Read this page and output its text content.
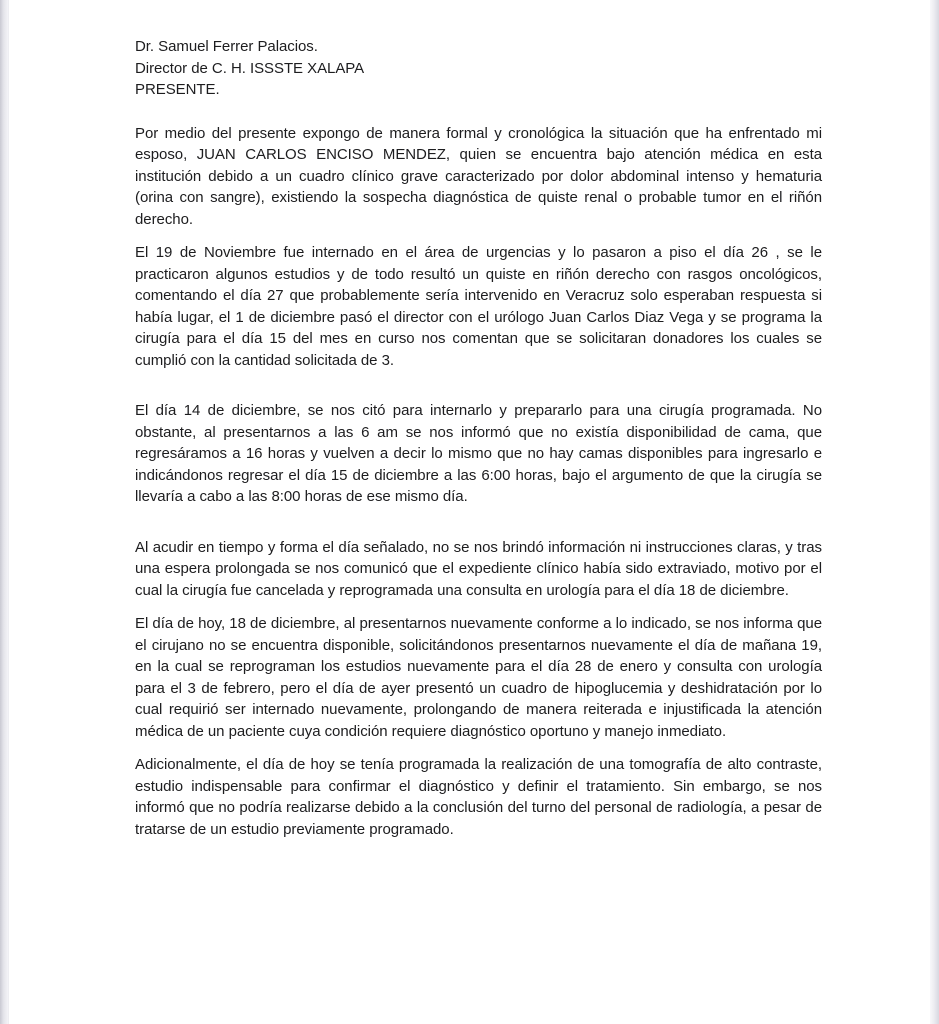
Dr. Samuel Ferrer Palacios.
Director de C. H. ISSSTE XALAPA
PRESENTE.

Por medio del presente expongo de manera formal y cronológica la situación que ha enfrentado mi esposo, JUAN CARLOS ENCISO MENDEZ, quien se encuentra bajo atención médica en esta institución debido a un cuadro clínico grave caracterizado por dolor abdominal intenso y hematuria (orina con sangre), existiendo la sospecha diagnóstica de quiste renal o probable tumor en el riñón derecho.

El 19 de Noviembre fue internado en el área de urgencias y lo pasaron a piso el día 26 , se le practicaron algunos estudios y de todo resultó un quiste en riñón derecho con rasgos oncológicos, comentando el día 27 que probablemente sería intervenido en Veracruz solo esperaban respuesta si había lugar, el 1 de diciembre pasó el director con el urólogo Juan Carlos Diaz Vega y se programa la cirugía para el día 15 del mes en curso nos comentan que se solicitaran donadores los cuales se cumplió con la cantidad solicitada de 3.

El día 14 de diciembre, se nos citó para internarlo y prepararlo para una cirugía programada. No obstante, al presentarnos a las 6 am se nos informó que no existía disponibilidad de cama, que regresáramos a 16 horas y vuelven a decir lo mismo que no hay camas disponibles para ingresarlo e indicándonos regresar el día 15 de diciembre a las 6:00 horas, bajo el argumento de que la cirugía se llevaría a cabo a las 8:00 horas de ese mismo día.

Al acudir en tiempo y forma el día señalado, no se nos brindó información ni instrucciones claras, y tras una espera prolongada se nos comunicó que el expediente clínico había sido extraviado, motivo por el cual la cirugía fue cancelada y reprogramada una consulta en urología para el día 18 de diciembre.

El día de hoy, 18 de diciembre, al presentarnos nuevamente conforme a lo indicado, se nos informa que el cirujano no se encuentra disponible, solicitándonos presentarnos nuevamente el día de mañana 19, en la cual se reprograman los estudios nuevamente para el día 28 de enero y consulta con urología para el 3 de febrero, pero el día de ayer presentó un cuadro de hipoglucemia y deshidratación por lo cual requirió ser internado nuevamente, prolongando de manera reiterada e injustificada la atención médica de un paciente cuya condición requiere diagnóstico oportuno y manejo inmediato.

Adicionalmente, el día de hoy se tenía programada la realización de una tomografía de alto contraste, estudio indispensable para confirmar el diagnóstico y definir el tratamiento. Sin embargo, se nos informó que no podría realizarse debido a la conclusión del turno del personal de radiología, a pesar de tratarse de un estudio previamente programado.
